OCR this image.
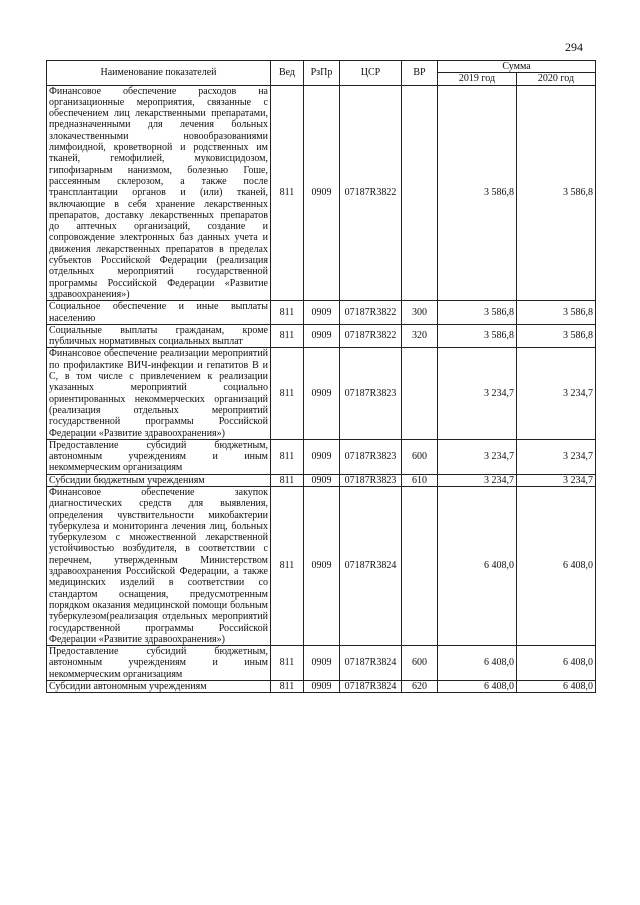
294
Наименование показателей	Вед	РзПр	ЦСР	ВР	Сумма	
					2019 год	2020 год
Финансовое обеспечение расходов на организационные мероприятия, связанные с обеспечением лиц лекарственными препаратами, предназначенными для лечения больных злокачественными новообразованиями лимфоидной, кроветворной и родственных им тканей, гемофилией, муковисцидозом, гипофизарным нанизмом, болезнью Гоше, рассеянным склерозом, а также после трансплантации органов и (или) тканей, включающие в себя хранение лекарственных препаратов, доставку лекарственных препаратов до аптечных организаций, создание и сопровождение электронных баз данных учета и движения лекарственных препаратов в пределах субъектов Российской Федерации (реализация отдельных мероприятий государственной программы Российской Федерации «Развитие здравоохранения»)	811	0909	07187R3822		3 586,8	3 586,8
Социальное обеспечение и иные выплаты населению	811	0909	07187R3822	300	3 586,8	3 586,8
Социальные выплаты гражданам, кроме публичных нормативных социальных выплат	811	0909	07187R3822	320	3 586,8	3 586,8
Финансовое обеспечение реализации мероприятий по профилактике ВИЧ-инфекции и гепатитов B и C, в том числе с привлечением к реализации указанных мероприятий социально ориентированных некоммерческих организаций (реализация отдельных мероприятий государственной программы Российской Федерации «Развитие здравоохранения»)	811	0909	07187R3823		3 234,7	3 234,7
Предоставление субсидий бюджетным, автономным учреждениям и иным некоммерческим организациям	811	0909	07187R3823	600	3 234,7	3 234,7
Субсидии бюджетным учреждениям	811	0909	07187R3823	610	3 234,7	3 234,7
Финансовое обеспечение закупок диагностических средств для выявления, определения чувствительности микобактерии туберкулеза и мониторинга лечения лиц, больных туберкулезом с множественной лекарственной устойчивостью возбудителя, в соответствии с перечнем, утвержденным Министерством здравоохранения Российской Федерации, а также медицинских изделий в соответствии со стандартом оснащения, предусмотренным порядком оказания медицинской помощи больным туберкулезом(реализация отдельных мероприятий государственной программы Российской Федерации «Развитие здравоохранения»)	811	0909	07187R3824		6 408,0	6 408,0
Предоставление субсидий бюджетным, автономным учреждениям и иным некоммерческим организациям	811	0909	07187R3824	600	6 408,0	6 408,0
Субсидии автономным учреждениям	811	0909	07187R3824	620	6 408,0	6 408,0
